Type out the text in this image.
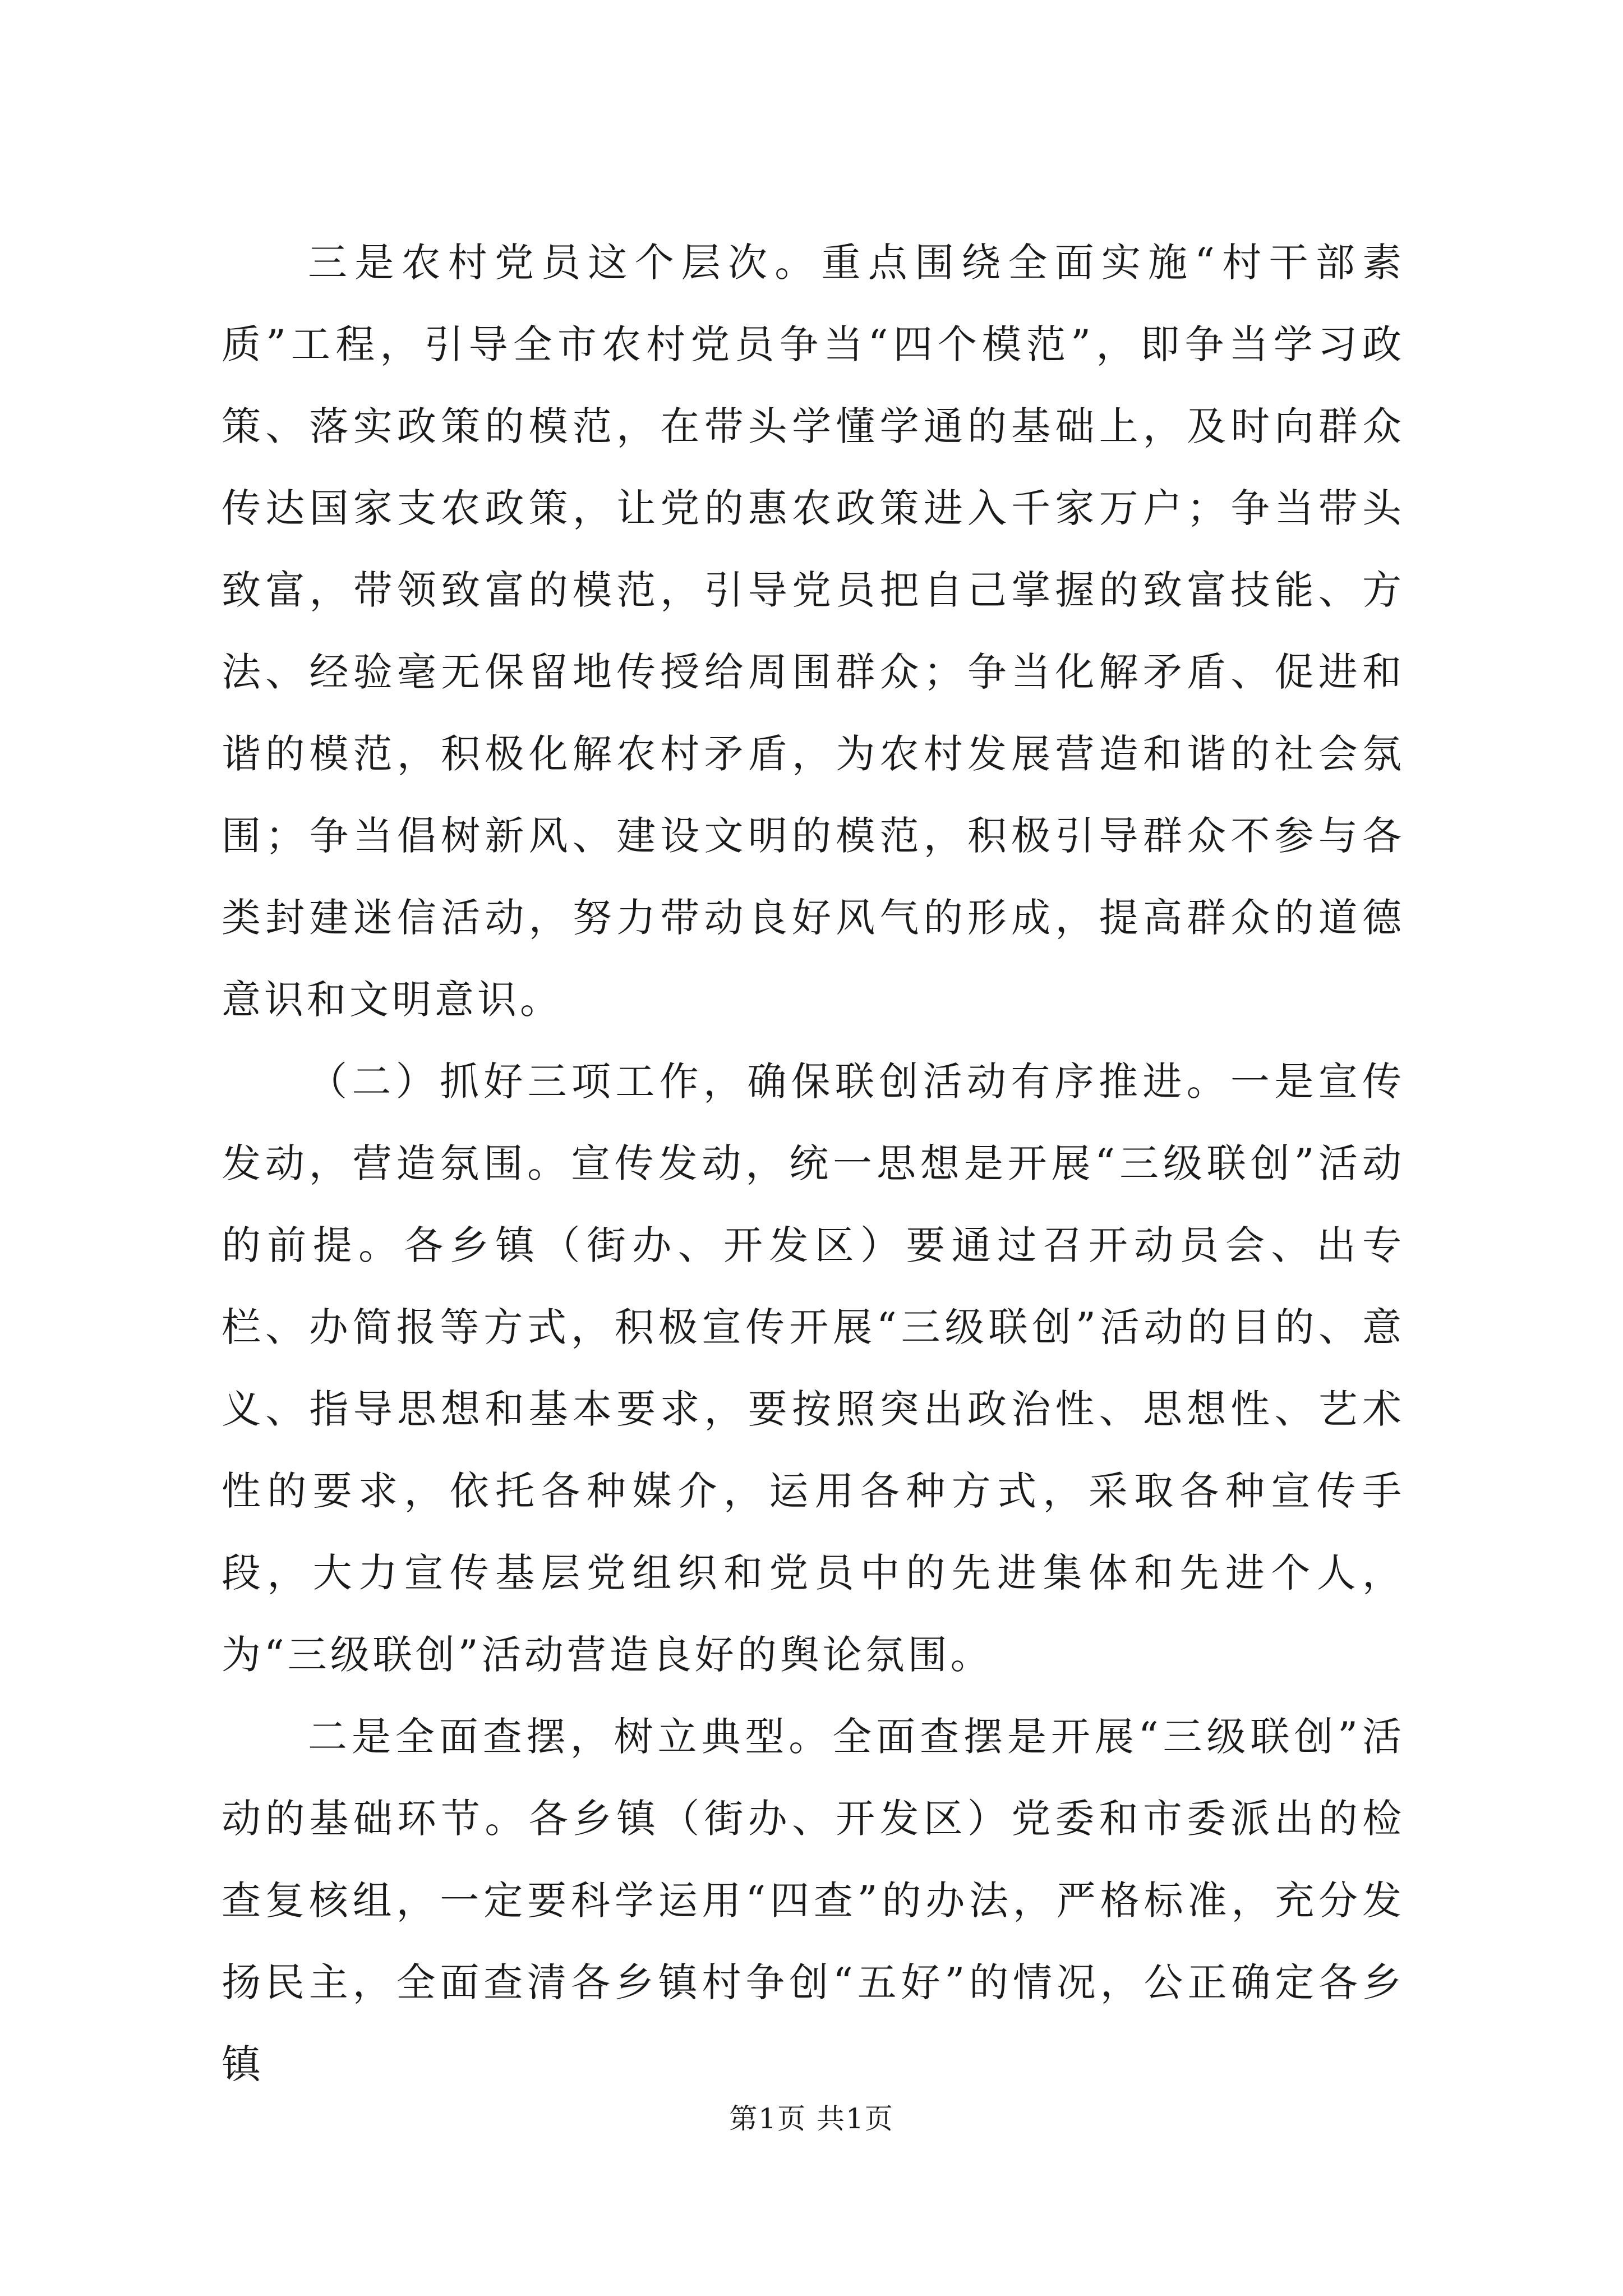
三是农村党员这个层次。重点围绕全面实施“村干部素质”工程，引导全市农村党员争当“四个模范”，即争当学习政策、落实政策的模范，在带头学懂学通的基础上，及时向群众传达国家支农政策，让党的惠农政策进入千家万户；争当带头致富，带领致富的模范，引导党员把自己掌握的致富技能、方法、经验毫无保留地传授给周围群众；争当化解矛盾、促进和谐的模范，积极化解农村矛盾，为农村发展营造和谐的社会氛围；争当倡树新风、建设文明的模范，积极引导群众不参与各类封建迷信活动，努力带动良好风气的形成，提高群众的道德意识和文明意识。

（二）抓好三项工作，确保联创活动有序推进。一是宣传发动，营造氛围。宣传发动，统一思想是开展“三级联创”活动的前提。各乡镇（街办、开发区）要通过召开动员会、出专栏、办简报等方式，积极宣传开展“三级联创”活动的目的、意义、指导思想和基本要求，要按照突出政治性、思想性、艺术性的要求，依托各种媒介，运用各种方式，采取各种宣传手段，大力宣传基层党组织和党员中的先进集体和先进个人，为“三级联创”活动营造良好的舆论氛围。

二是全面查摆，树立典型。全面查摆是开展“三级联创”活动的基础环节。各乡镇（街办、开发区）党委和市委派出的检查复核组，一定要科学运用“四查”的办法，严格标准，充分发扬民主，全面查清各乡镇村争创“五好”的情况，公正确定各乡镇

第1页 共1页
